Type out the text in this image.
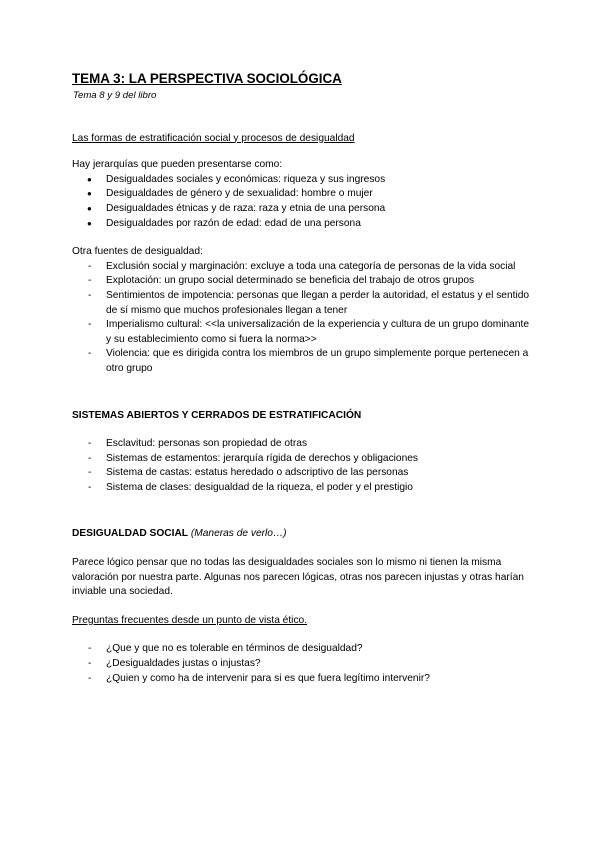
TEMA 3: LA PERSPECTIVA SOCIOLÓGICA

Tema 8 y 9 del libro

Las formas de estratificación social y procesos de desigualdad

Hay jerarquías que pueden presentarse como:

● Desigualdades sociales y económicas: riqueza y sus ingresos
● Desigualdades de género y de sexualidad: hombre o mujer
● Desigualdades étnicas y de raza: raza y etnia de una persona
● Desigualdades por razón de edad: edad de una persona

Otra fuentes de desigualdad:

- Exclusión social y marginación: excluye a toda una categoría de personas de la vida social
- Explotación: un grupo social determinado se beneficia del trabajo de otros grupos
- Sentimientos de impotencia: personas que llegan a perder la autoridad, el estatus y el sentido de sí mismo que muchos profesionales llegan a tener
- Imperialismo cultural: <<la universalización de la experiencia y cultura de un grupo dominante y su establecimiento como si fuera la norma>>
- Violencia: que es dirigida contra los miembros de un grupo simplemente porque pertenecen a otro grupo

SISTEMAS ABIERTOS Y CERRADOS DE ESTRATIFICACIÓN

- Esclavitud: personas son propiedad de otras
- Sistemas de estamentos: jerarquía rígida de derechos y obligaciones
- Sistema de castas: estatus heredado o adscriptivo de las personas
- Sistema de clases: desigualdad de la riqueza, el poder y el prestigio

DESIGUALDAD SOCIAL (Maneras de verlo…)

Parece lógico pensar que no todas las desigualdades sociales son lo mismo ni tienen la misma valoración por nuestra parte. Algunas nos parecen lógicas, otras nos parecen injustas y otras harían inviable una sociedad.

Preguntas frecuentes desde un punto de vista ético.

- ¿Que y que no es tolerable en términos de desigualdad?
- ¿Desigualdades justas o injustas?
- ¿Quien y como ha de intervenir para si es que fuera legítimo intervenir?
